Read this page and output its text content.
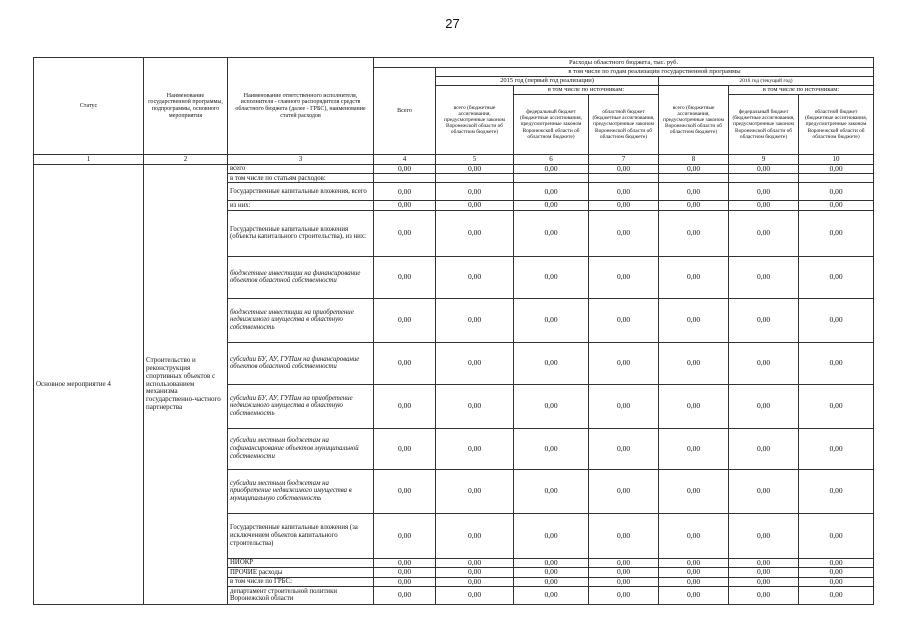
27
Статус	Наименование государственной программы, подпрограммы, основного мероприятия	Наименование ответственного исполнителя, исполнителя - главного распорядителя средств областного бюджета (далее - ГРБС), наименование статей расходов	Расходы областного бюджета, тыс. руб.						
			Всего	в том числе по годам реализации государственной программы					
				2015 год (первый год реализации)			2016 год (текущий год)		
				всего (бюджетные ассигнования, предусмотренные законом Воронежской области об областном бюджете)	в том числе по источникам:		всего (бюджетные ассигнования, предусмотренные законом Воронежской области об областном бюджете)	в том числе по источникам:	
					федеральный бюджет (бюджетные ассигнования, предусмотренные законом Воронежской области об областном бюджете)	областной бюджет (бюджетные ассигнования, предусмотренные законом Воронежской области об областном бюджете)		федеральный бюджет (бюджетные ассигнования, предусмотренные законом Воронежской области об областном бюджете)	областной бюджет (бюджетные ассигнования, предусмотренные законом Воронежской области об областном бюджете)
1	2	3	4	5	6	7	8	9	10
Основное мероприятие 4	Строительство и реконструкция спортивных объектов с использованием механизма государственно-частного партнерства	всего	0,00	0,00	0,00	0,00	0,00	0,00	0,00
		в том числе по статьям расходов:							
		Государственные капитальные вложения, всего	0,00	0,00	0,00	0,00	0,00	0,00	0,00
		из них:	0,00	0,00	0,00	0,00	0,00	0,00	0,00
		Государственные капитальные вложения (объекты капитального строительства), из них:	0,00	0,00	0,00	0,00	0,00	0,00	0,00
		бюджетные инвестиции на финансирование объектов областной собственности	0,00	0,00	0,00	0,00	0,00	0,00	0,00
		бюджетные инвестиции на приобретение недвижимого имущества в областную собственность	0,00	0,00	0,00	0,00	0,00	0,00	0,00
		субсидии БУ, АУ, ГУПам на финансирование объектов областной собственности	0,00	0,00	0,00	0,00	0,00	0,00	0,00
		субсидии БУ, АУ, ГУПам на приобретение недвижимого имущества в областную собственность	0,00	0,00	0,00	0,00	0,00	0,00	0,00
		субсидии местным бюджетам на софинансирование объектов муниципальной собственности	0,00	0,00	0,00	0,00	0,00	0,00	0,00
		субсидии местным бюджетам на приобретение недвижимого имущества в муниципальную собственность	0,00	0,00	0,00	0,00	0,00	0,00	0,00
		Государственные капитальные вложения (за исключением объектов капитального строительства)	0,00	0,00	0,00	0,00	0,00	0,00	0,00
		НИОКР	0,00	0,00	0,00	0,00	0,00	0,00	0,00
		ПРОЧИЕ расходы	0,00	0,00	0,00	0,00	0,00	0,00	0,00
		в том числе по ГРБС:	0,00	0,00	0,00	0,00	0,00	0,00	0,00
		департамент строительной политики Воронежской области	0,00	0,00	0,00	0,00	0,00	0,00	0,00
